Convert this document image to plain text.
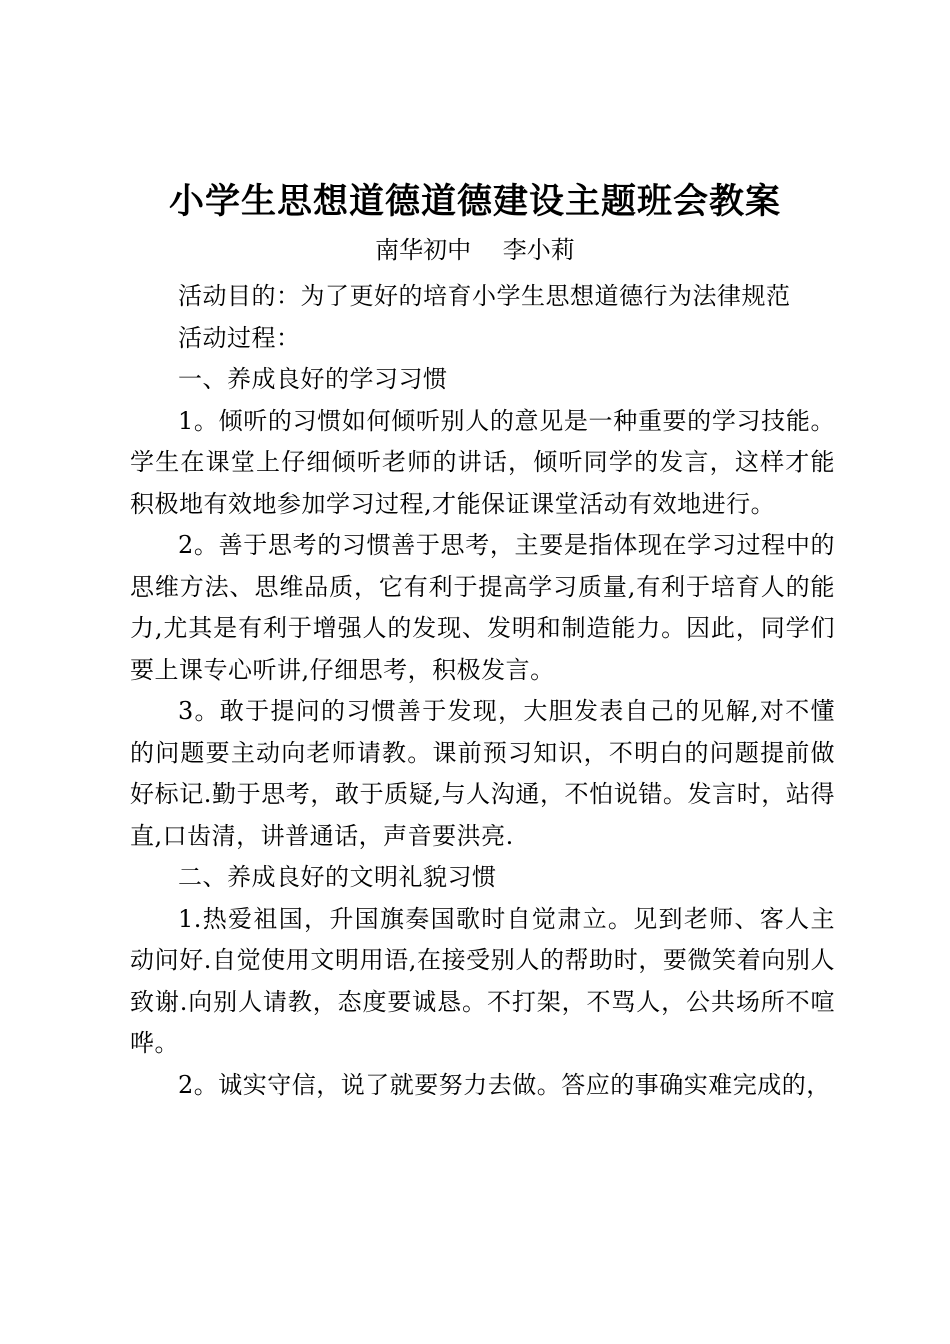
小学生思想道德道德建设主题班会教案

南华初中　 李小莉

活动目的：为了更好的培育小学生思想道德行为法律规范

活动过程：

一、养成良好的学习习惯

1。倾听的习惯如何倾听别人的意见是一种重要的学习技能。学生在课堂上仔细倾听老师的讲话，倾听同学的发言，这样才能积极地有效地参加学习过程,才能保证课堂活动有效地进行。

2。善于思考的习惯善于思考，主要是指体现在学习过程中的思维方法、思维品质，它有利于提高学习质量,有利于培育人的能力,尤其是有利于增强人的发现、发明和制造能力。因此，同学们要上课专心听讲,仔细思考，积极发言。

3。敢于提问的习惯善于发现，大胆发表自己的见解,对不懂的问题要主动向老师请教。课前预习知识，不明白的问题提前做好标记.勤于思考，敢于质疑,与人沟通，不怕说错。发言时，站得直,口齿清，讲普通话，声音要洪亮.

二、养成良好的文明礼貌习惯

1.热爱祖国，升国旗奏国歌时自觉肃立。见到老师、客人主动问好.自觉使用文明用语,在接受别人的帮助时，要微笑着向别人致谢.向别人请教，态度要诚恳。不打架，不骂人，公共场所不喧哗。

2。诚实守信，说了就要努力去做。答应的事确实难完成的，
